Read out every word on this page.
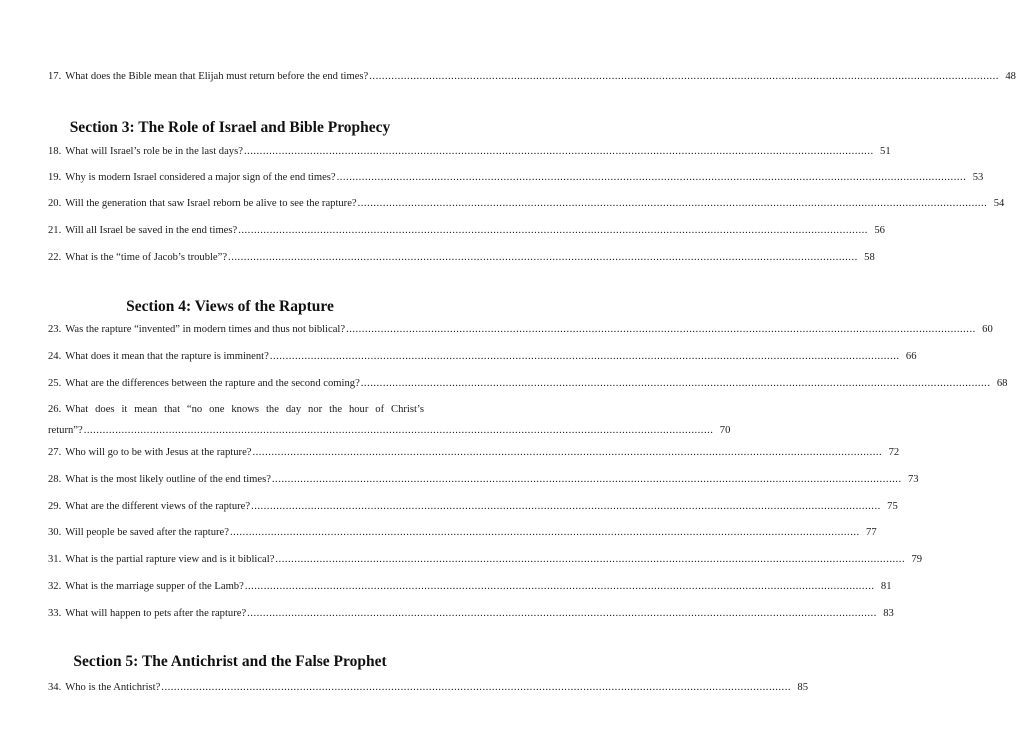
17. What does the Bible mean that Elijah must return before the end times? ........................................................................................................................................................................................................ 48
Section 3: The Role of Israel and Bible Prophecy
18. What will Israel’s role be in the last days? ........................................................................................................................................................................................................ 51
19. Why is modern Israel considered a major sign of the end times? ........................................................................................................................................................................................................ 53
20. Will the generation that saw Israel reborn be alive to see the rapture? ........................................................................................................................................................................................................ 54
21. Will all Israel be saved in the end times? ........................................................................................................................................................................................................ 56
22. What is the “time of Jacob’s trouble”? ........................................................................................................................................................................................................ 58
Section 4: Views of the Rapture
23. Was the rapture “invented” in modern times and thus not biblical? ........................................................................................................................................................................................................ 60
24. What does it mean that the rapture is imminent? ........................................................................................................................................................................................................ 66
25. What are the differences between the rapture and the second coming? ........................................................................................................................................................................................................ 68
26. What does it mean that “no one knows the day nor the hour of Christ’s
return”? ........................................................................................................................................................................................................ 70
27. Who will go to be with Jesus at the rapture? ........................................................................................................................................................................................................ 72
28. What is the most likely outline of the end times? ........................................................................................................................................................................................................ 73
29. What are the different views of the rapture? ........................................................................................................................................................................................................ 75
30. Will people be saved after the rapture? ........................................................................................................................................................................................................ 77
31. What is the partial rapture view and is it biblical? ........................................................................................................................................................................................................ 79
32. What is the marriage supper of the Lamb? ........................................................................................................................................................................................................ 81
33. What will happen to pets after the rapture? ........................................................................................................................................................................................................ 83
Section 5: The Antichrist and the False Prophet
34. Who is the Antichrist? ........................................................................................................................................................................................................ 85
